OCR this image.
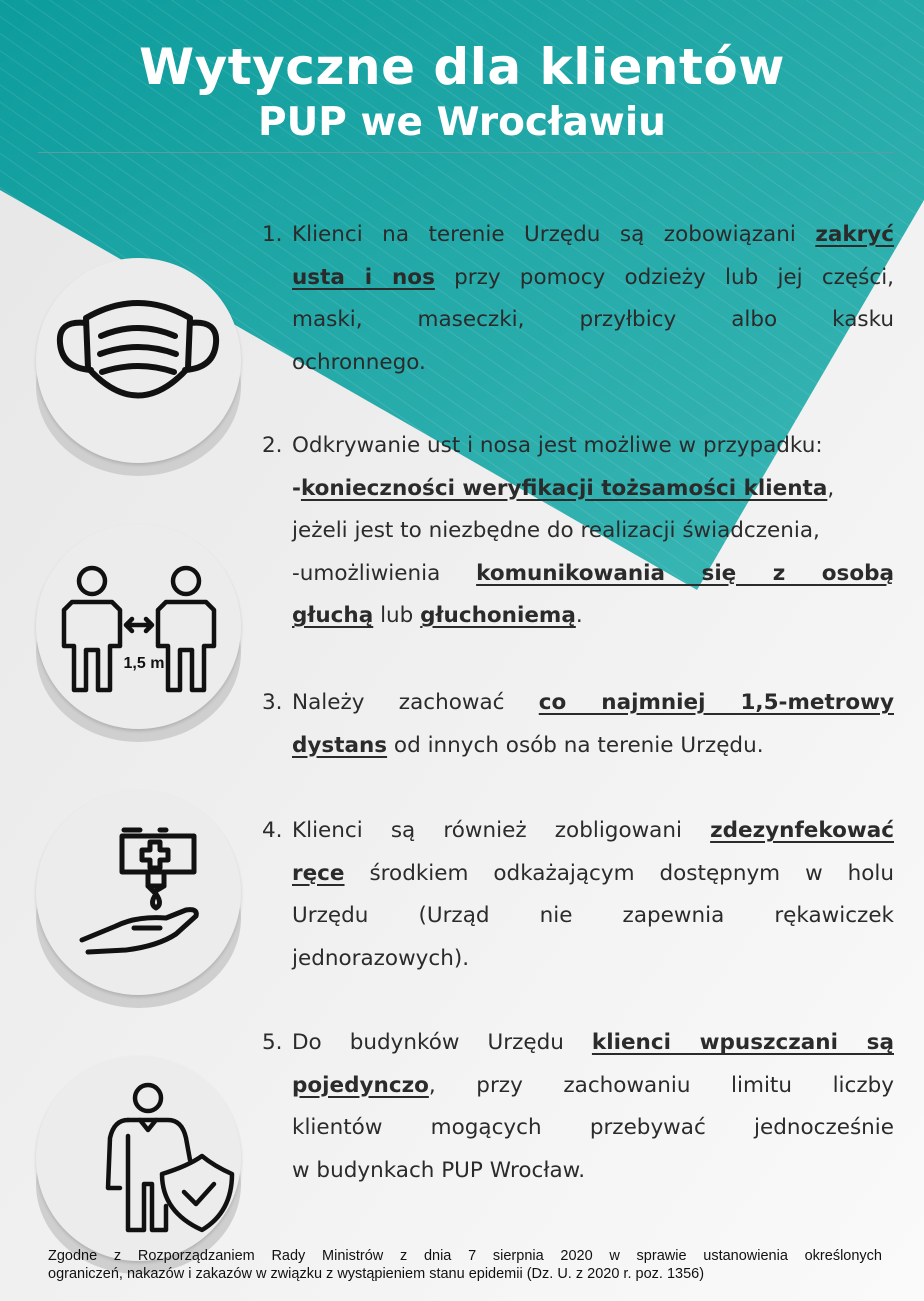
Wytyczne dla klientów
PUP we Wrocławiu
1,5 m
1. Klienci na terenie Urzędu są zobowiązani zakryć
usta i nos przy pomocy odzieży lub jej części,
maski, maseczki, przyłbicy albo kasku
ochronnego.
2. Odkrywanie ust i nosa jest możliwe w przypadku:
-konieczności weryfikacji tożsamości klienta,
jeżeli jest to niezbędne do realizacji świadczenia,
-umożliwienia komunikowania się z osobą
głuchą lub głuchoniemą.
3. Należy zachować co najmniej 1,5-metrowy
dystans od innych osób na terenie Urzędu.
4. Klienci są również zobligowani zdezynfekować
ręce środkiem odkażającym dostępnym w holu
Urzędu (Urząd nie zapewnia rękawiczek
jednorazowych).
5. Do budynków Urzędu klienci wpuszczani są
pojedynczo, przy zachowaniu limitu liczby
klientów mogących przebywać jednocześnie
w budynkach PUP Wrocław.
Zgodne z Rozporządzaniem Rady Ministrów z dnia 7 sierpnia 2020 w sprawie ustanowienia określonych
ograniczeń, nakazów i zakazów w związku z wystąpieniem stanu epidemii (Dz. U. z 2020 r. poz. 1356)
